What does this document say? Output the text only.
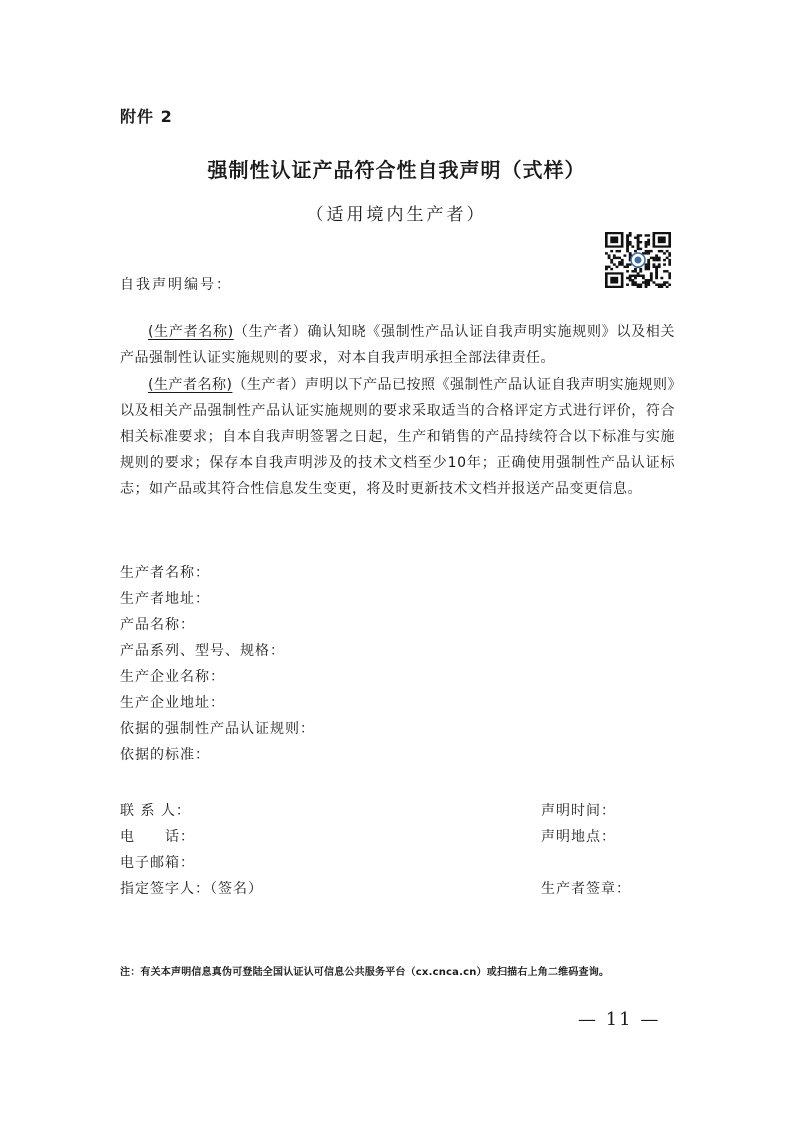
附件 2
强制性认证产品符合性自我声明（式样）
（适用境内生产者）
自我声明编号：
(生产者名称)（生产者）确认知晓《强制性产品认证自我声明实施规则》以及相关产品强制性认证实施规则的要求，对本自我声明承担全部法律责任。
(生产者名称)（生产者）声明以下产品已按照《强制性产品认证自我声明实施规则》以及相关产品强制性产品认证实施规则的要求采取适当的合格评定方式进行评价，符合相关标准要求；自本自我声明签署之日起，生产和销售的产品持续符合以下标准与实施规则的要求；保存本自我声明涉及的技术文档至少10年；正确使用强制性产品认证标志；如产品或其符合性信息发生变更，将及时更新技术文档并报送产品变更信息。
生产者名称：
生产者地址：
产品名称：
产品系列、型号、规格：
生产企业名称：
生产企业地址：
依据的强制性产品认证规则：
依据的标准：
联 系 人：
电　　话：
电子邮箱：
指定签字人：（签名）
声明时间：
声明地点：
生产者签章：
注：有关本声明信息真伪可登陆全国认证认可信息公共服务平台（cx.cnca.cn）或扫描右上角二维码查询。
— 11 —
